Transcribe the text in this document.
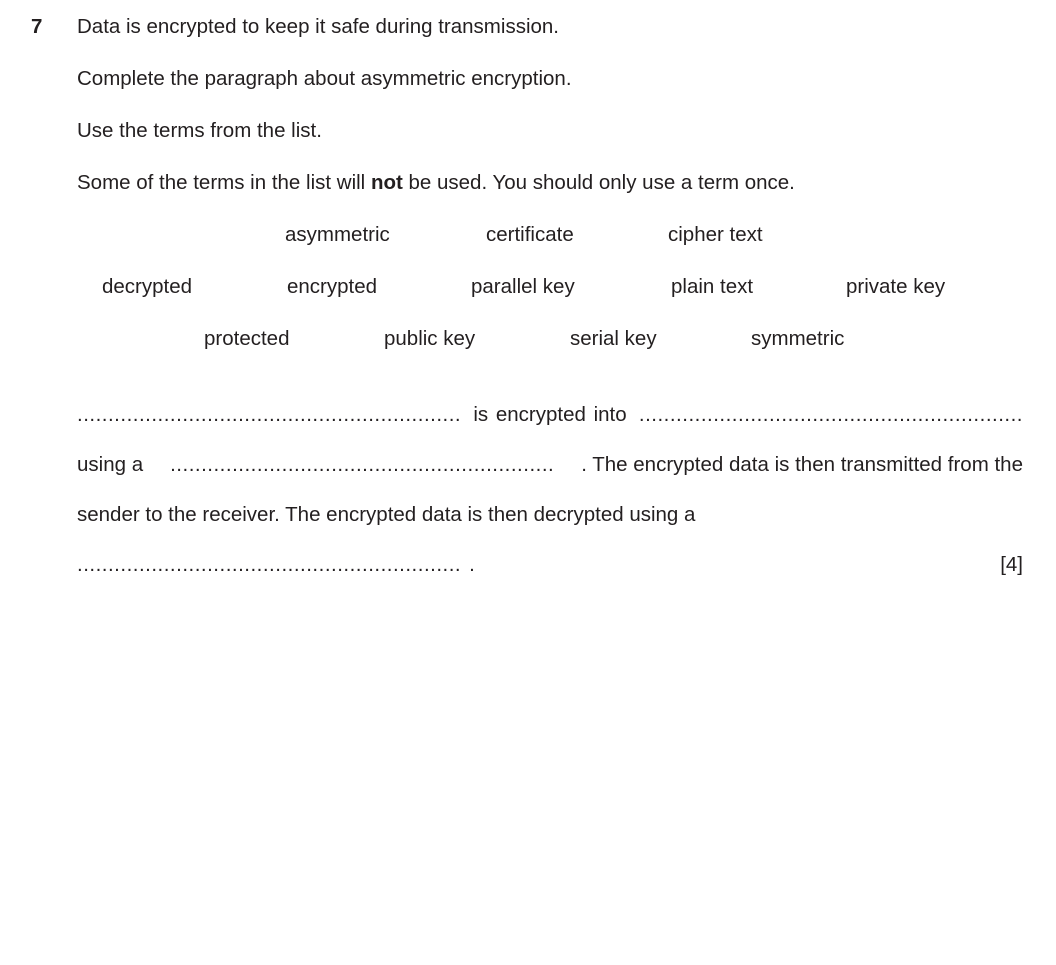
7 Data is encrypted to keep it safe during transmission.
Complete the paragraph about asymmetric encryption.
Use the terms from the list.
Some of the terms in the list will not be used. You should only use a term once.
asymmetric	certificate	cipher text
decrypted	encrypted	parallel key	plain text	private key
protected	public key	serial key	symmetric
.............................................................. is encrypted into ..............................................................
using a .............................................................. . The encrypted data is then transmitted from the
sender to the receiver. The encrypted data is then decrypted using a
.............................................................. .	[4]
